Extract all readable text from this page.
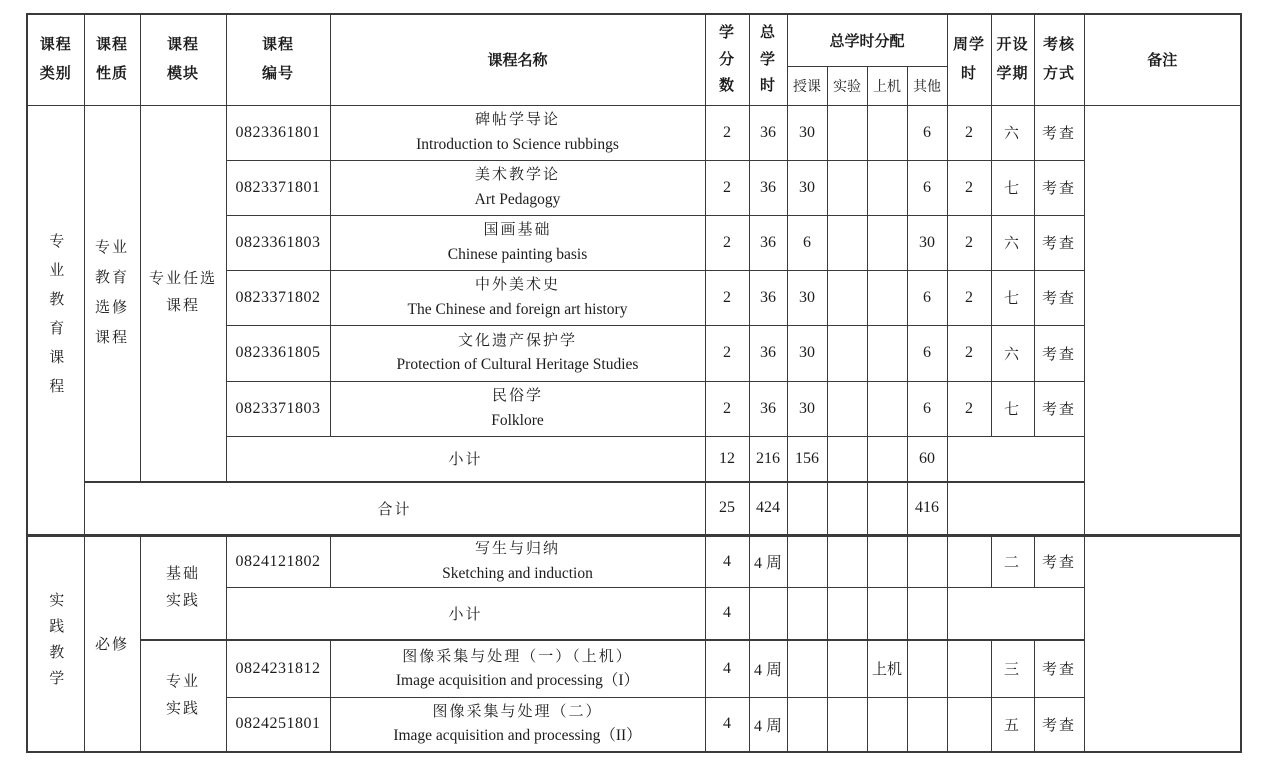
课程类别	课程性质	课程模块	课程编号	课程名称	学分数	总学时	总学时分配				周学时	开设学期	考核方式	备注
							授课	实验	上机	其他				

专业教育课程	专业教育选修课程	专业任选课程	0823361801	碑帖学导论
Introduction to Science rubbings	2	36	30			6	2	六	考查	
			0823371801	美术教学论
Art Pedagogy	2	36	30			6	2	七	考查	
			0823361803	国画基础
Chinese painting basis	2	36	6			30	2	六	考查	
			0823371802	中外美术史
The Chinese and foreign art history	2	36	30			6	2	七	考查	
			0823361805	文化遗产保护学
Protection of Cultural Heritage Studies	2	36	30			6	2	六	考查	
			0823371803	民俗学
Folklore	2	36	30			6	2	七	考查	
			小计		12	216	156			60				
	合计				25	424				416				

实践教学	必修	基础实践	0824121802	写生与归纳
Sketching and induction	4	4 周						二	考查	
			小计		4									

		专业实践	0824231812	图像采集与处理（一）（上机）
Image acquisition and processing（I）	4	4 周			上机			三	考查	
			0824251801	图像采集与处理（二）
Image acquisition and processing（II）	4	4 周						五	考查	
